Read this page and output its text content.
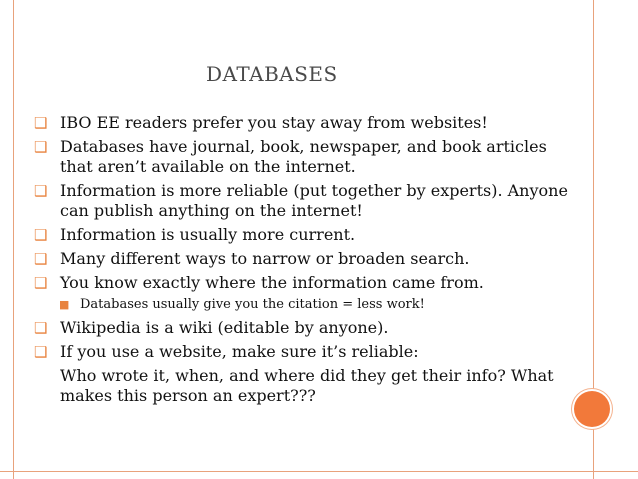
DATABASES
❑ IBO EE readers prefer you stay away from websites!
❑ Databases have journal, book, newspaper, and book articles that aren’t available on the internet.
❑ Information is more reliable (put together by experts). Anyone can publish anything on the internet!
❑ Information is usually more current.
❑ Many different ways to narrow or broaden search.
❑ You know exactly where the information came from.
■ Databases usually give you the citation = less work!
❑ Wikipedia is a wiki (editable by anyone).
❑ If you use a website, make sure it’s reliable:
Who wrote it, when, and where did they get their info? What makes this person an expert???
